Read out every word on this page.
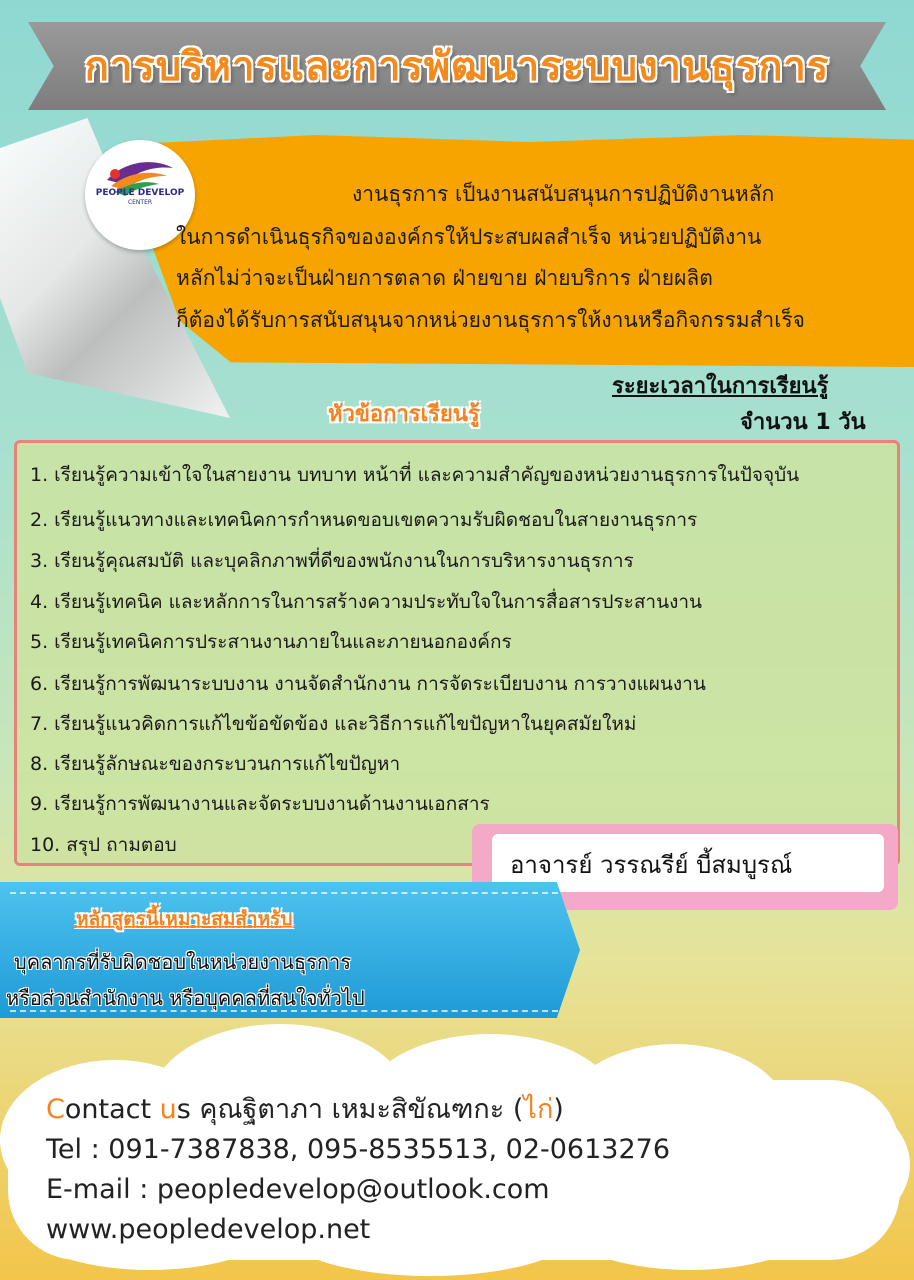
การบริหารและการพัฒนาระบบงานธุรการ
PEOPLE DEVELOP
CENTER	งานธุรการ เป็นงานสนับสนุนการปฏิบัติงานหลัก
ในการดำเนินธุรกิจขององค์กรให้ประสบผลสำเร็จ หน่วยปฏิบัติงาน
หลักไม่ว่าจะเป็นฝ่ายการตลาด ฝ่ายขาย ฝ่ายบริการ ฝ่ายผลิต
ก็ต้องได้รับการสนับสนุนจากหน่วยงานธุรการให้งานหรือกิจกรรมสำเร็จ
ระยะเวลาในการเรียนรู้
จำนวน 1 วัน
หัวข้อการเรียนรู้
1. เรียนรู้ความเข้าใจในสายงาน บทบาท หน้าที่ และความสำคัญของหน่วยงานธุรการในปัจจุบัน
2. เรียนรู้แนวทางและเทคนิคการกำหนดขอบเขตความรับผิดชอบในสายงานธุรการ
3. เรียนรู้คุณสมบัติ และบุคลิกภาพที่ดีของพนักงานในการบริหารงานธุรการ
4. เรียนรู้เทคนิค และหลักการในการสร้างความประทับใจในการสื่อสารประสานงาน
5. เรียนรู้เทคนิคการประสานงานภายในและภายนอกองค์กร
6. เรียนรู้การพัฒนาระบบงาน งานจัดสำนักงาน การจัดระเบียบงาน การวางแผนงาน
7. เรียนรู้แนวคิดการแก้ไขข้อขัดข้อง และวิธีการแก้ไขปัญหาในยุคสมัยใหม่
8. เรียนรู้ลักษณะของกระบวนการแก้ไขปัญหา
9. เรียนรู้การพัฒนางานและจัดระบบงานด้านงานเอกสาร
10. สรุป ถามตอบ
อาจารย์ วรรณรีย์ บี้สมบูรณ์
หลักสูตรนี้เหมาะสมสำหรับ
บุคลากรที่รับผิดชอบในหน่วยงานธุรการ
หรือส่วนสำนักงาน หรือบุคคลที่สนใจทั่วไป
Contact us คุณฐิตาภา เหมะสิขัณฑกะ (ไก่)
Tel : 091-7387838, 095-8535513, 02-0613276
E-mail : peopledevelop@outlook.com
www.peopledevelop.net
